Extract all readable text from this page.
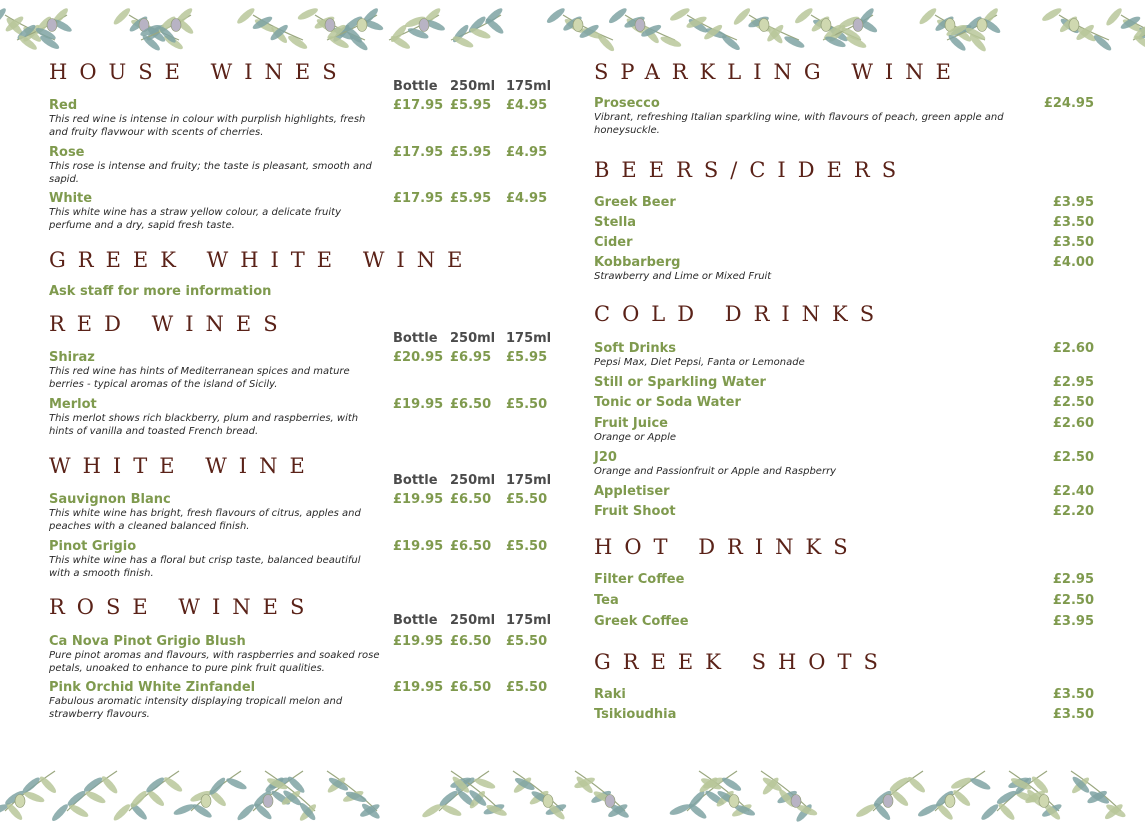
HOUSE WINES
Bottle 250ml 175ml
Red
This red wine is intense in colour with purplish highlights, fresh and fruity flavwour with scents of cherries.
£17.95 £5.95 £4.95
Rose
This rose is intense and fruity; the taste is pleasant, smooth and sapid.
£17.95 £5.95 £4.95
White
This white wine has a straw yellow colour, a delicate fruity perfume and a dry, sapid fresh taste.
£17.95 £5.95 £4.95
GREEK WHITE WINE
Ask staff for more information
RED WINES
Bottle 250ml 175ml
Shiraz
This red wine has hints of Mediterranean spices and mature berries - typical aromas of the island of Sicily.
£20.95 £6.95 £5.95
Merlot
This merlot shows rich blackberry, plum and raspberries, with hints of vanilla and toasted French bread.
£19.95 £6.50 £5.50
WHITE WINE
Bottle 250ml 175ml
Sauvignon Blanc
This white wine has bright, fresh flavours of citrus, apples and peaches with a cleaned balanced finish.
£19.95 £6.50 £5.50
Pinot Grigio
This white wine has a floral but crisp taste, balanced beautiful with a smooth finish.
£19.95 £6.50 £5.50
ROSE WINES
Bottle 250ml 175ml
Ca Nova Pinot Grigio Blush
Pure pinot aromas and flavours, with raspberries and soaked rose petals, unoaked to enhance to pure pink fruit qualities.
£19.95 £6.50 £5.50
Pink Orchid White Zinfandel
Fabulous aromatic intensity displaying tropicall melon and strawberry flavours.
£19.95 £6.50 £5.50
SPARKLING WINE
Prosecco
Vibrant, refreshing Italian sparkling wine, with flavours of peach, green apple and honeysuckle.
£24.95
BEERS/CIDERS
Greek Beer	£3.95
Stella	£3.50
Cider	£3.50
Kobbarberg
Strawberry and Lime or Mixed Fruit
£4.00
COLD DRINKS
Soft Drinks
Pepsi Max, Diet Pepsi, Fanta or Lemonade
£2.60
Still or Sparkling Water	£2.95
Tonic or Soda Water	£2.50
Fruit Juice
Orange or Apple
£2.60
J20
Orange and Passionfruit or Apple and Raspberry
£2.50
Appletiser	£2.40
Fruit Shoot	£2.20
HOT DRINKS
Filter Coffee	£2.95
Tea	£2.50
Greek Coffee	£3.95
GREEK SHOTS
Raki	£3.50
Tsikioudhia	£3.50
